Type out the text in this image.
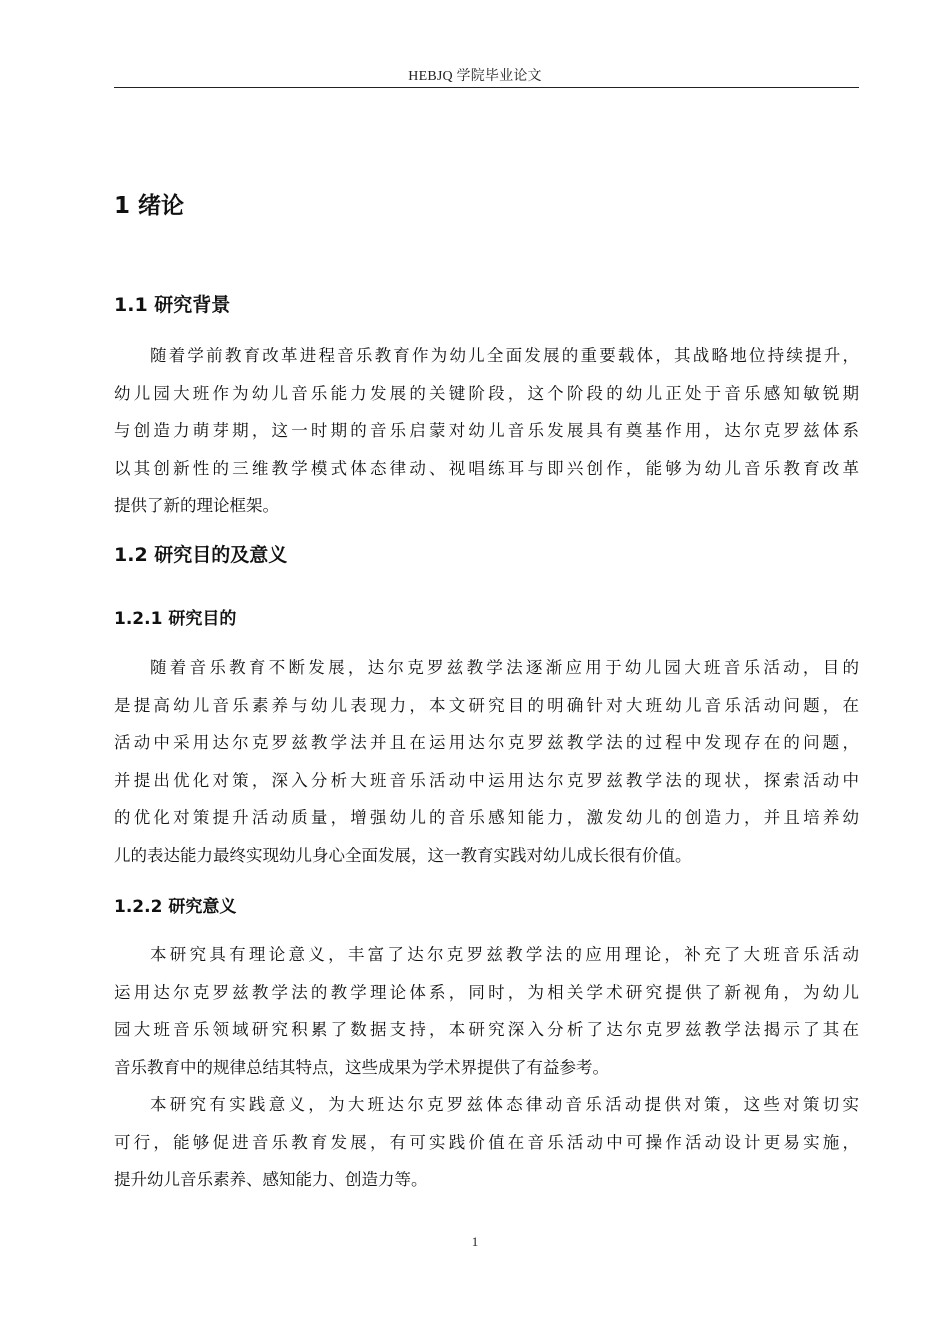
HEBJQ 学院毕业论文
1 绪论
1.1 研究背景
随着学前教育改革进程音乐教育作为幼儿全面发展的重要载体，其战略地位持续提升，
幼儿园大班作为幼儿音乐能力发展的关键阶段，这个阶段的幼儿正处于音乐感知敏锐期
与创造力萌芽期，这一时期的音乐启蒙对幼儿音乐发展具有奠基作用，达尔克罗兹体系
以其创新性的三维教学模式体态律动、视唱练耳与即兴创作，能够为幼儿音乐教育改革
提供了新的理论框架。
1.2 研究目的及意义
1.2.1 研究目的
随着音乐教育不断发展，达尔克罗兹教学法逐渐应用于幼儿园大班音乐活动，目的
是提高幼儿音乐素养与幼儿表现力，本文研究目的明确针对大班幼儿音乐活动问题，在
活动中采用达尔克罗兹教学法并且在运用达尔克罗兹教学法的过程中发现存在的问题，
并提出优化对策，深入分析大班音乐活动中运用达尔克罗兹教学法的现状，探索活动中
的优化对策提升活动质量，增强幼儿的音乐感知能力，激发幼儿的创造力，并且培养幼
儿的表达能力最终实现幼儿身心全面发展，这一教育实践对幼儿成长很有价值。
1.2.2 研究意义
本研究具有理论意义，丰富了达尔克罗兹教学法的应用理论，补充了大班音乐活动
运用达尔克罗兹教学法的教学理论体系，同时，为相关学术研究提供了新视角，为幼儿
园大班音乐领域研究积累了数据支持，本研究深入分析了达尔克罗兹教学法揭示了其在
音乐教育中的规律总结其特点，这些成果为学术界提供了有益参考。
本研究有实践意义，为大班达尔克罗兹体态律动音乐活动提供对策，这些对策切实
可行，能够促进音乐教育发展，有可实践价值在音乐活动中可操作活动设计更易实施，
提升幼儿音乐素养、感知能力、创造力等。
1
